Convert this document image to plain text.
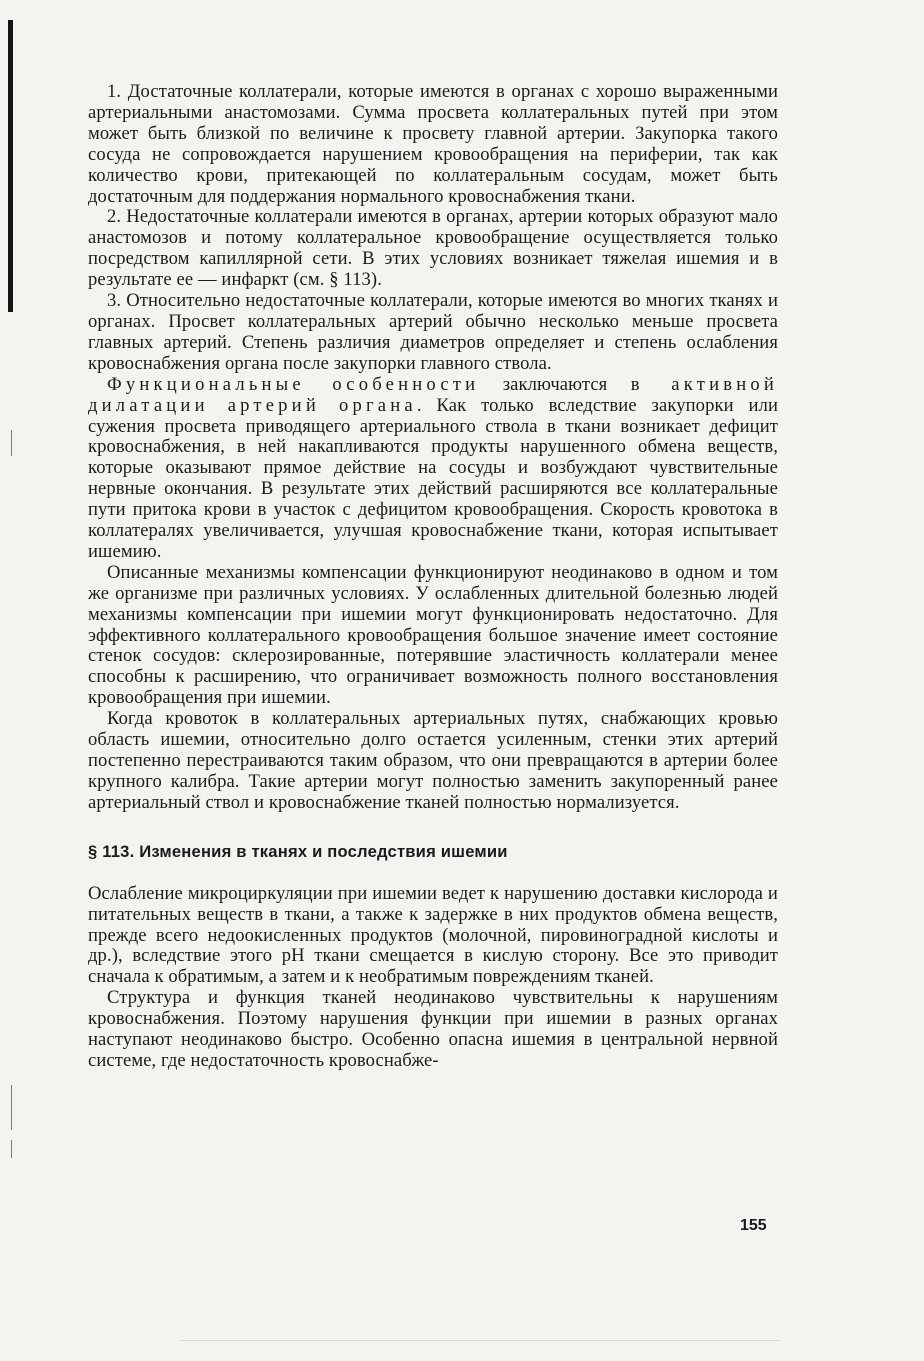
1. Достаточные коллатерали, которые имеются в органах с хорошо выраженными артериальными анастомозами. Сумма просвета коллатеральных путей при этом может быть близкой по величине к просвету главной артерии. Закупорка такого сосуда не сопровождается нарушением кровообращения на периферии, так как количество крови, притекающей по коллатеральным сосудам, может быть достаточным для поддержания нормального кровоснабжения ткани.

2. Недостаточные коллатерали имеются в органах, артерии которых образуют мало анастомозов и потому коллатеральное кровообращение осуществляется только посредством капиллярной сети. В этих условиях возникает тяжелая ишемия и в результате ее — инфаркт (см. § 113).

3. Относительно недостаточные коллатерали, которые имеются во многих тканях и органах. Просвет коллатеральных артерий обычно несколько меньше просвета главных артерий. Степень различия диаметров определяет и степень ослабления кровоснабжения органа после закупорки главного ствола.

Функциональные особенности заключаются в активной дилатации артерий органа. Как только вследствие закупорки или сужения просвета приводящего артериального ствола в ткани возникает дефицит кровоснабжения, в ней накапливаются продукты нарушенного обмена веществ, которые оказывают прямое действие на сосуды и возбуждают чувствительные нервные окончания. В результате этих действий расширяются все коллатеральные пути притока крови в участок с дефицитом кровообращения. Скорость кровотока в коллатералях увеличивается, улучшая кровоснабжение ткани, которая испытывает ишемию.

Описанные механизмы компенсации функционируют неодинаково в одном и том же организме при различных условиях. У ослабленных длительной болезнью людей механизмы компенсации при ишемии могут функционировать недостаточно. Для эффективного коллатерального кровообращения большое значение имеет состояние стенок сосудов: склерозированные, потерявшие эластичность коллатерали менее способны к расширению, что ограничивает возможность полного восстановления кровообращения при ишемии.

Когда кровоток в коллатеральных артериальных путях, снабжающих кровью область ишемии, относительно долго остается усиленным, стенки этих артерий постепенно перестраиваются таким образом, что они превращаются в артерии более крупного калибра. Такие артерии могут полностью заменить закупоренный ранее артериальный ствол и кровоснабжение тканей полностью нормализуется.

§ 113. Изменения в тканях и последствия ишемии

Ослабление микроциркуляции при ишемии ведет к нарушению доставки кислорода и питательных веществ в ткани, а также к задержке в них продуктов обмена веществ, прежде всего недоокисленных продуктов (молочной, пировиноградной кислоты и др.), вследствие этого pH ткани смещается в кислую сторону. Все это приводит сначала к обратимым, а затем и к необратимым повреждениям тканей.

Структура и функция тканей неодинаково чувствительны к нарушениям кровоснабжения. Поэтому нарушения функции при ишемии в разных органах наступают неодинаково быстро. Особенно опасна ишемия в центральной нервной системе, где недостаточность кровоснабже-

155
